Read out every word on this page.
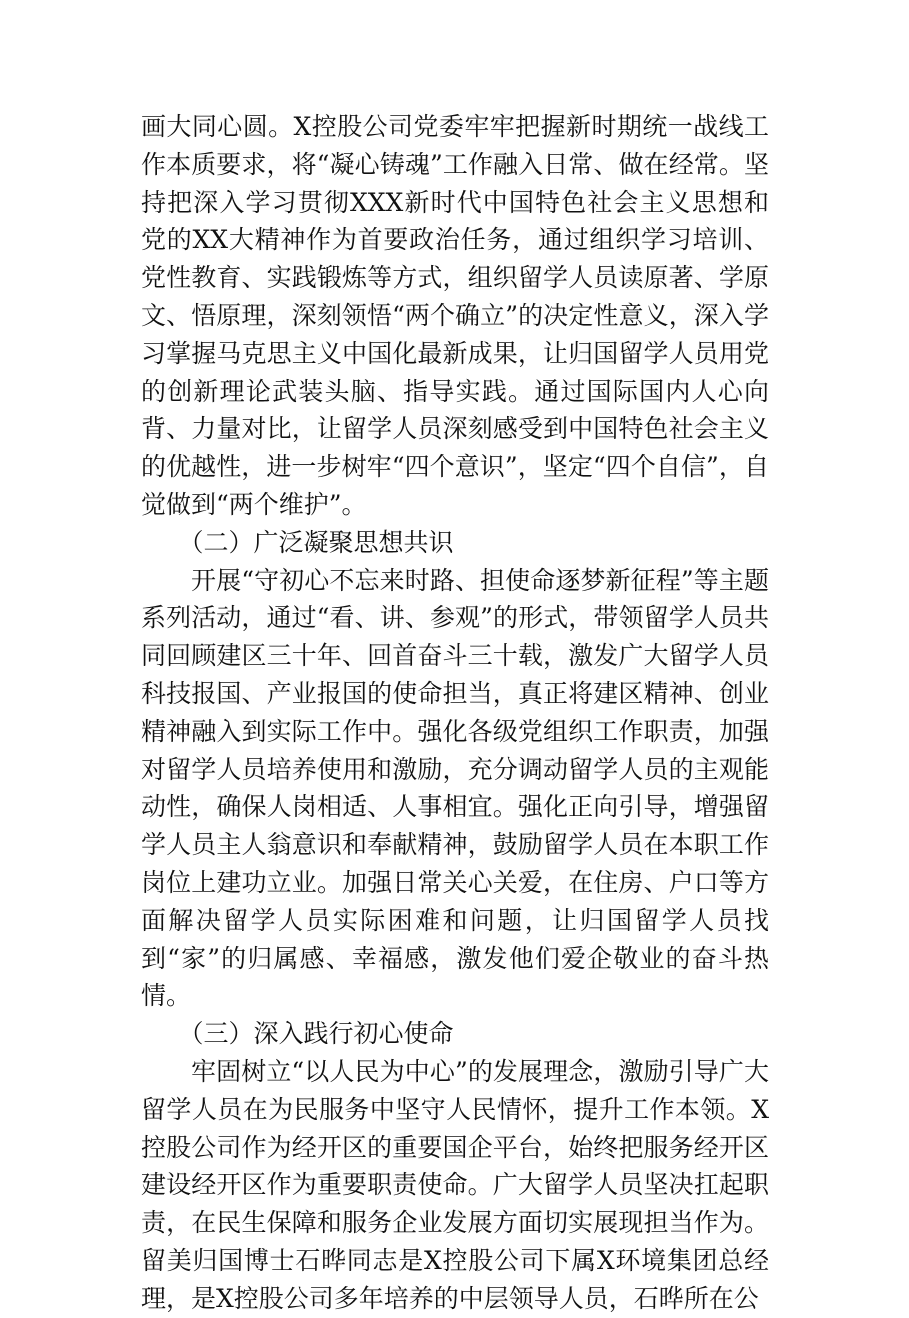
画大同心圆。X控股公司党委牢牢把握新时期统一战线工作本质要求，将“凝心铸魂”工作融入日常、做在经常。坚持把深入学习贯彻XXX新时代中国特色社会主义思想和党的XX大精神作为首要政治任务，通过组织学习培训、党性教育、实践锻炼等方式，组织留学人员读原著、学原文、悟原理，深刻领悟“两个确立”的决定性意义，深入学习掌握马克思主义中国化最新成果，让归国留学人员用党的创新理论武装头脑、指导实践。通过国际国内人心向背、力量对比，让留学人员深刻感受到中国特色社会主义的优越性，进一步树牢“四个意识”，坚定“四个自信”，自觉做到“两个维护”。

（二）广泛凝聚思想共识

开展“守初心不忘来时路、担使命逐梦新征程”等主题系列活动，通过“看、讲、参观”的形式，带领留学人员共同回顾建区三十年、回首奋斗三十载，激发广大留学人员科技报国、产业报国的使命担当，真正将建区精神、创业精神融入到实际工作中。强化各级党组织工作职责，加强对留学人员培养使用和激励，充分调动留学人员的主观能动性，确保人岗相适、人事相宜。强化正向引导，增强留学人员主人翁意识和奉献精神，鼓励留学人员在本职工作岗位上建功立业。加强日常关心关爱，在住房、户口等方面解决留学人员实际困难和问题，让归国留学人员找到“家”的归属感、幸福感，激发他们爱企敬业的奋斗热情。

（三）深入践行初心使命

牢固树立“以人民为中心”的发展理念，激励引导广大留学人员在为民服务中坚守人民情怀，提升工作本领。X控股公司作为经开区的重要国企平台，始终把服务经开区建设经开区作为重要职责使命。广大留学人员坚决扛起职责，在民生保障和服务企业发展方面切实展现担当作为。留美归国博士石晔同志是X控股公司下属X环境集团总经理，是X控股公司多年培养的中层领导人员，石晔所在公
